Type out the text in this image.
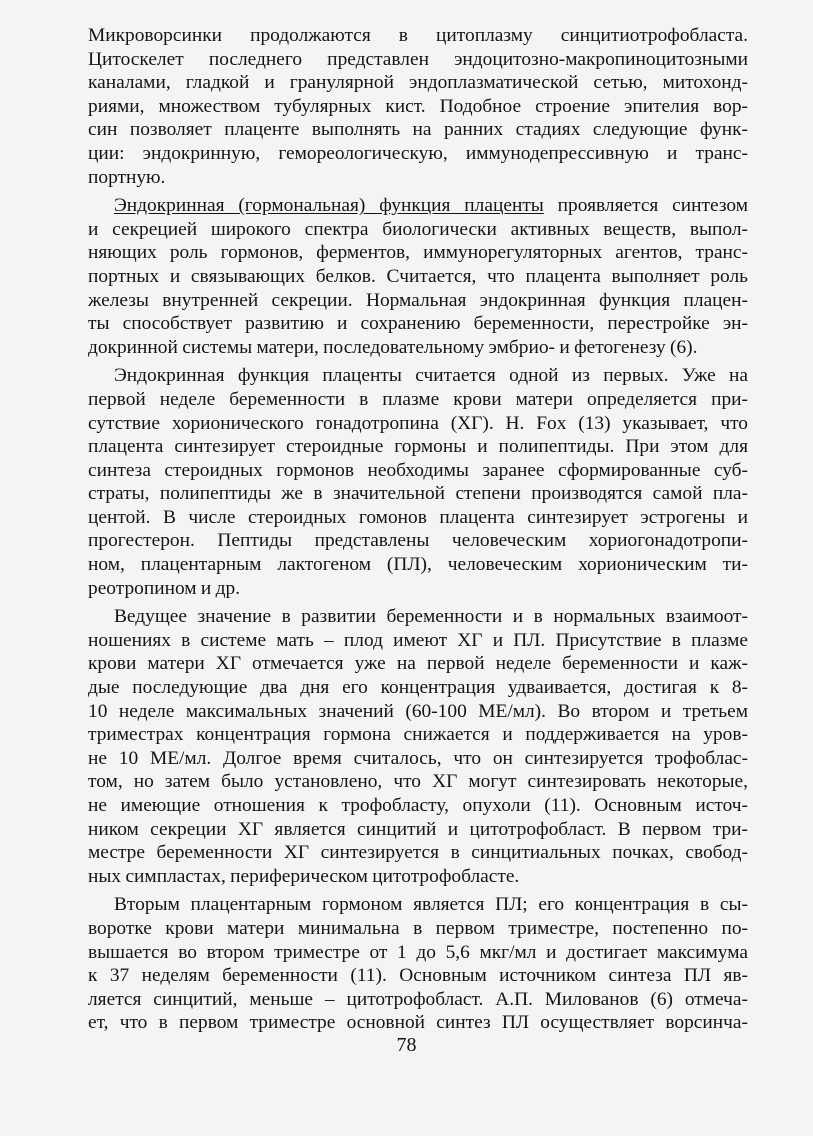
Микроворсинки продолжаются в цитоплазму синцитиотрофобласта.
Цитоскелет последнего представлен эндоцитозно-макропиноцитозными
каналами, гладкой и гранулярной эндоплазматической сетью, митохонд-
риями, множеством тубулярных кист. Подобное строение эпителия вор-
син позволяет плаценте выполнять на ранних стадиях следующие функ-
ции: эндокринную, гемореологическую, иммунодепрессивную и транс-
портную.
Эндокринная (гормональная) функция плаценты проявляется синтезом
и секрецией широкого спектра биологически активных веществ, выпол-
няющих роль гормонов, ферментов, иммунорегуляторных агентов, транс-
портных и связывающих белков. Считается, что плацента выполняет роль
железы внутренней секреции. Нормальная эндокринная функция плацен-
ты способствует развитию и сохранению беременности, перестройке эн-
докринной системы матери, последовательному эмбрио- и фетогенезу (6).
Эндокринная функция плаценты считается одной из первых. Уже на
первой неделе беременности в плазме крови матери определяется при-
сутствие хорионического гонадотропина (ХГ). H. Fox (13) указывает, что
плацента синтезирует стероидные гормоны и полипептиды. При этом для
синтеза стероидных гормонов необходимы заранее сформированные суб-
страты, полипептиды же в значительной степени производятся самой пла-
центой. В числе стероидных гомонов плацента синтезирует эстрогены и
прогестерон. Пептиды представлены человеческим хориогонадотропи-
ном, плацентарным лактогеном (ПЛ), человеческим хорионическим ти-
реотропином и др.
Ведущее значение в развитии беременности и в нормальных взаимоот-
ношениях в системе мать – плод имеют ХГ и ПЛ. Присутствие в плазме
крови матери ХГ отмечается уже на первой неделе беременности и каж-
дые последующие два дня его концентрация удваивается, достигая к 8-
10 неделе максимальных значений (60-100 МЕ/мл). Во втором и третьем
триместрах концентрация гормона снижается и поддерживается на уров-
не 10 МЕ/мл. Долгое время считалось, что он синтезируется трофоблас-
том, но затем было установлено, что ХГ могут синтезировать некоторые,
не имеющие отношения к трофобласту, опухоли (11). Основным источ-
ником секреции ХГ является синцитий и цитотрофобласт. В первом три-
местре беременности ХГ синтезируется в синцитиальных почках, свобод-
ных симпластах, периферическом цитотрофобласте.
Вторым плацентарным гормоном является ПЛ; его концентрация в сы-
воротке крови матери минимальна в первом триместре, постепенно по-
вышается во втором триместре от 1 до 5,6 мкг/мл и достигает максимума
к 37 неделям беременности (11). Основным источником синтеза ПЛ яв-
ляется синцитий, меньше – цитотрофобласт. А.П. Милованов (6) отмеча-
ет, что в первом триместре основной синтез ПЛ осуществляет ворсинча-
78
